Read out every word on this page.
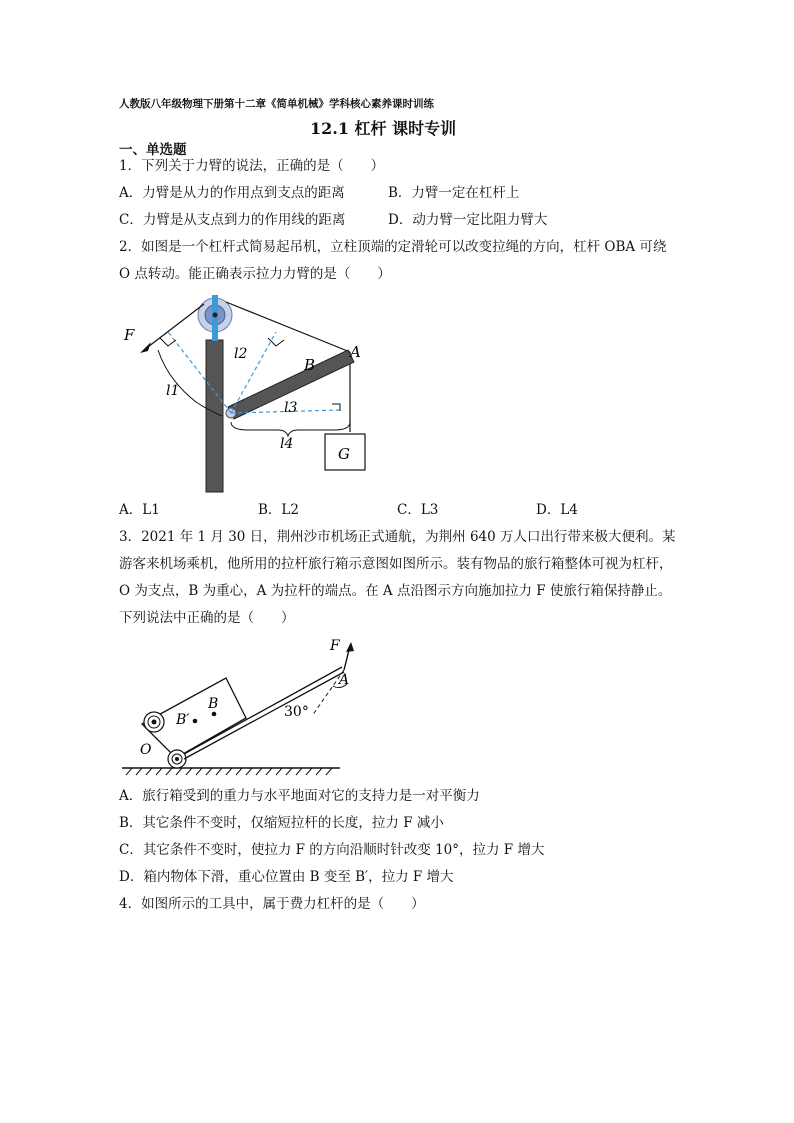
人教版八年级物理下册第十二章《简单机械》学科核心素养课时训练
12.1 杠杆 课时专训
一、单选题
1．下列关于力臂的说法，正确的是（　　）
A．力臂是从力的作用点到支点的距离	B．力臂一定在杠杆上
C．力臂是从支点到力的作用线的距离	D．动力臂一定比阻力臂大
2．如图是一个杠杆式简易起吊机，立柱顶端的定滑轮可以改变拉绳的方向，杠杆 OBA 可绕
O 点转动。能正确表示拉力力臂的是（　　）
F
l1
l2
l3
l4
B
A
G
A．L1	B．L2	C．L3	D．L4
3．2021 年 1 月 30 日，荆州沙市机场正式通航，为荆州 640 万人口出行带来极大便利。某
游客来机场乘机，他所用的拉杆旅行箱示意图如图所示。装有物品的旅行箱整体可视为杠杆，
O 为支点，B 为重心，A 为拉杆的端点。在 A 点沿图示方向施加拉力 F 使旅行箱保持静止。
下列说法中正确的是（　　）
F
A
B
B′
O
30°
A．旅行箱受到的重力与水平地面对它的支持力是一对平衡力
B．其它条件不变时，仅缩短拉杆的长度，拉力 F 减小
C．其它条件不变时，使拉力 F 的方向沿顺时针改变 10°，拉力 F 增大
D．箱内物体下滑，重心位置由 B 变至 B′，拉力 F 增大
4．如图所示的工具中，属于费力杠杆的是（　　）
